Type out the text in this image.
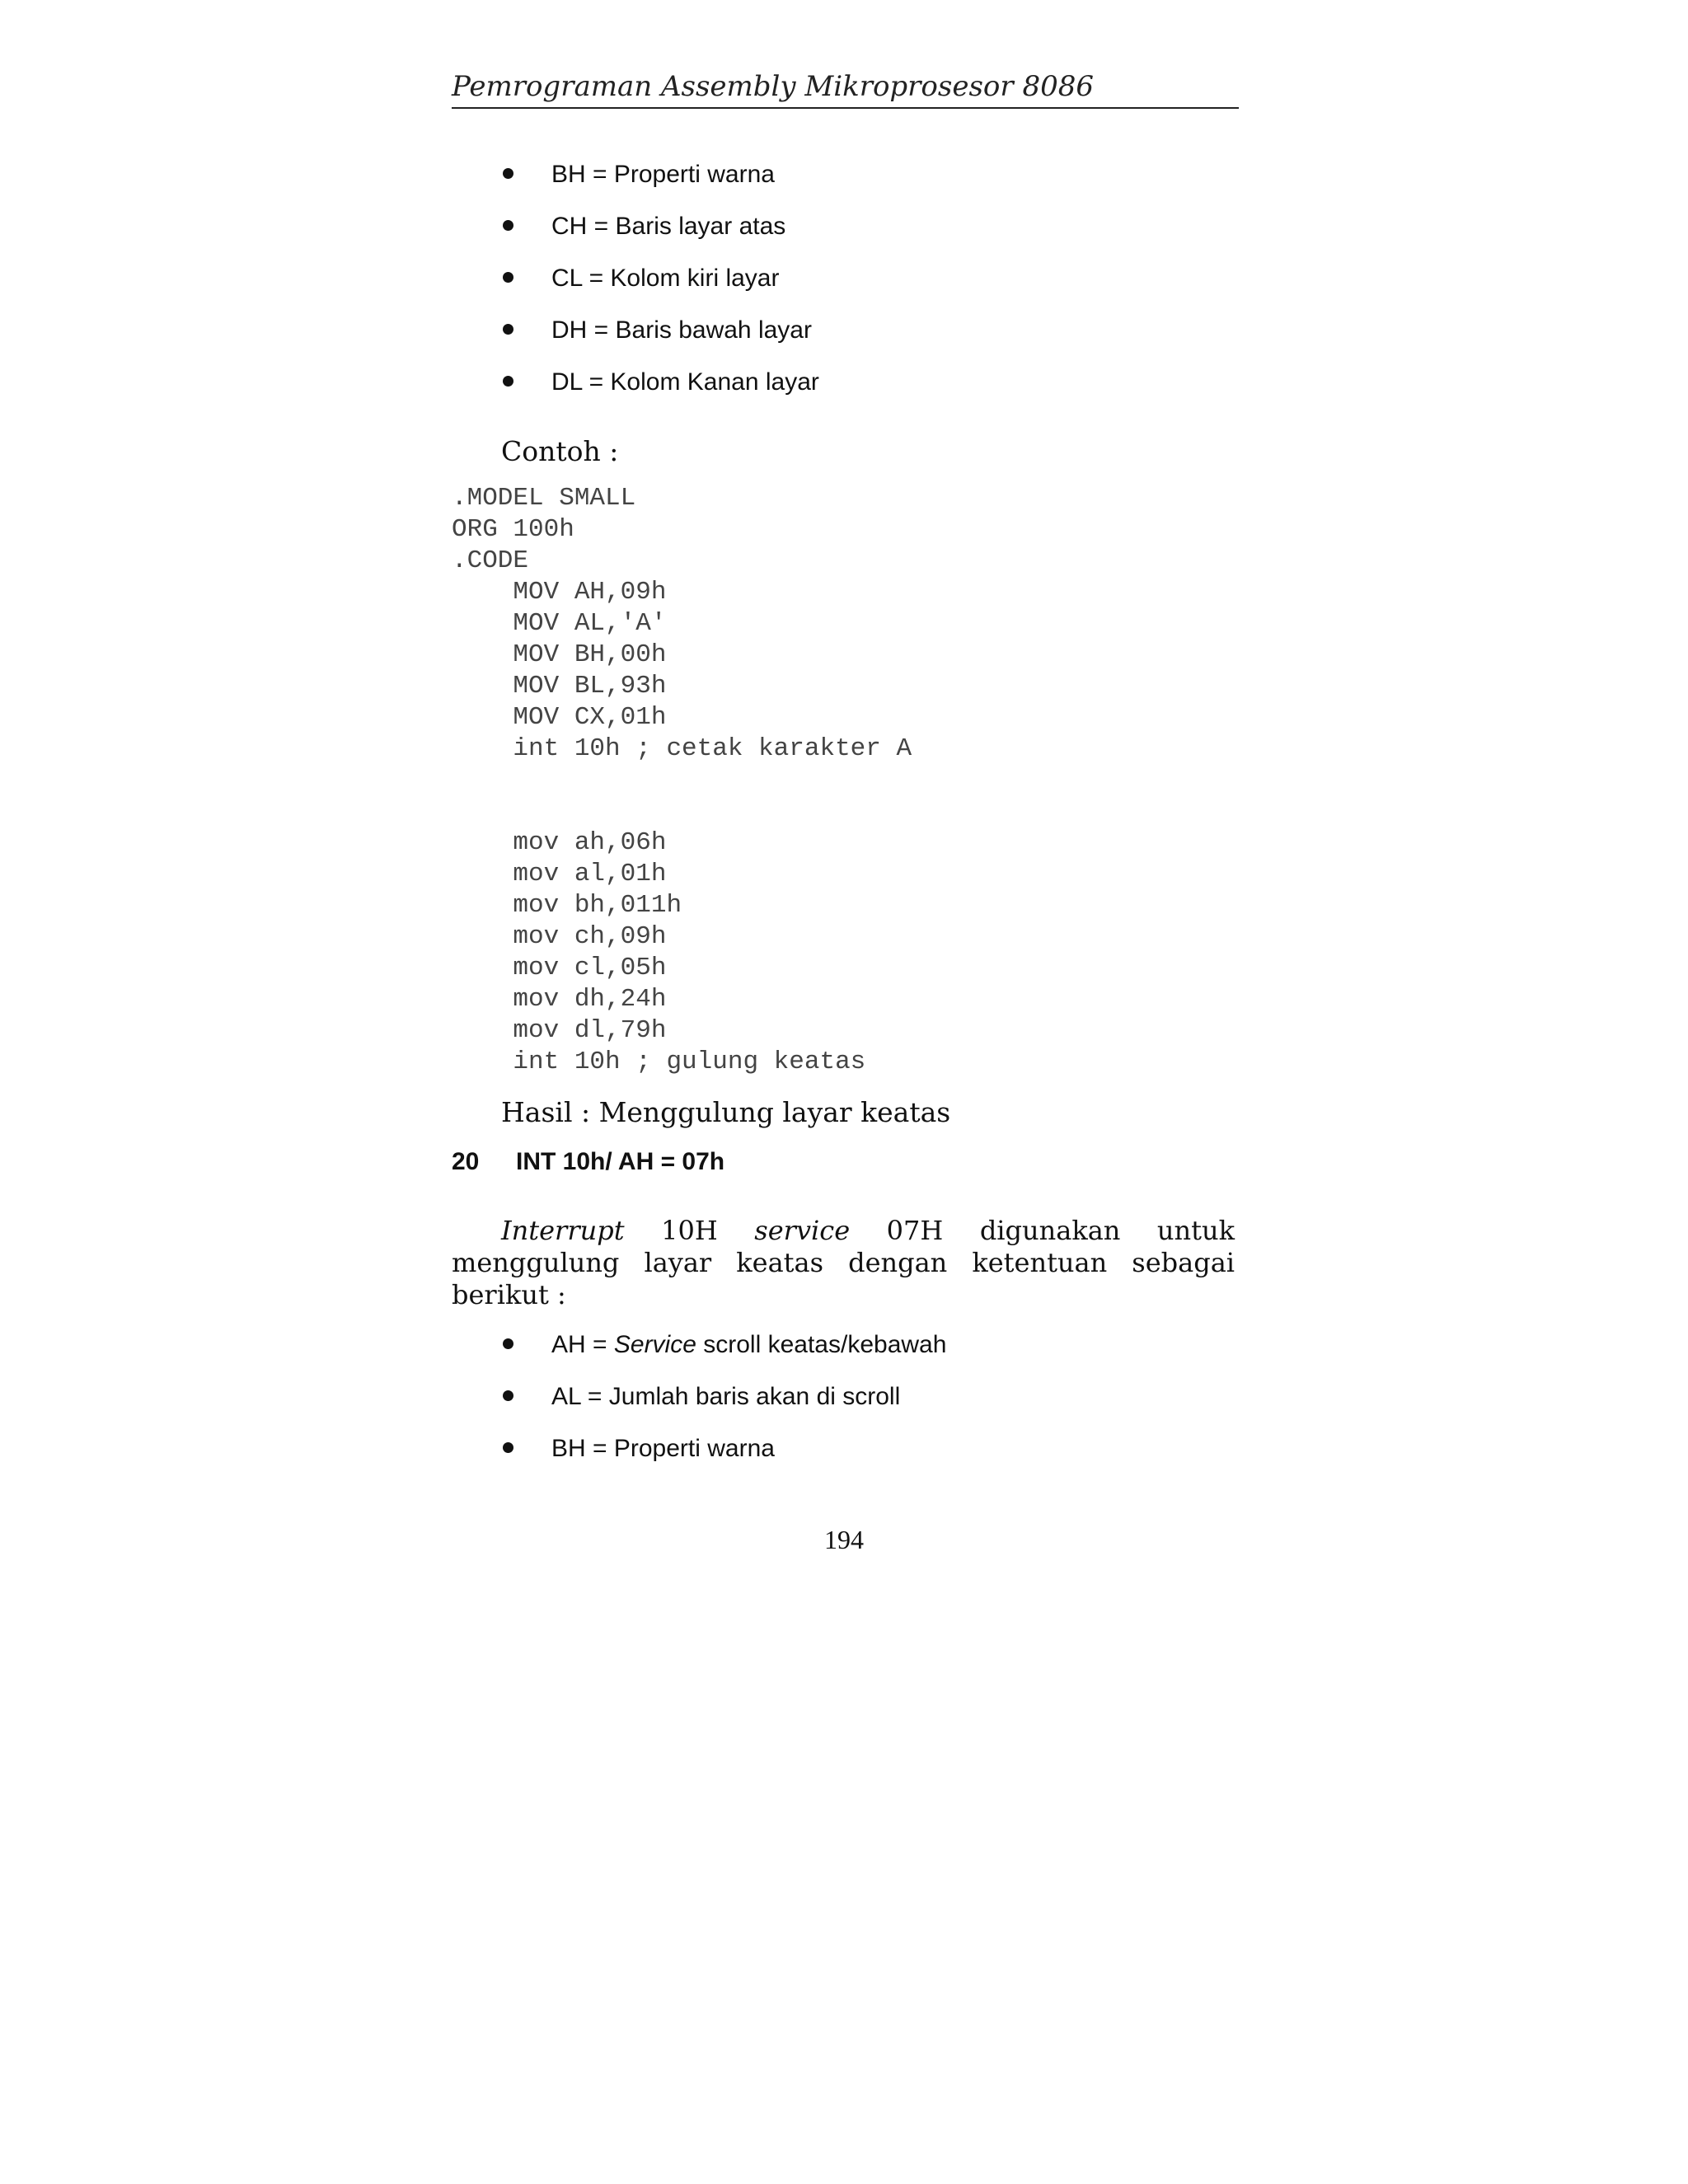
Pemrograman Assembly Mikroprosesor 8086
BH = Properti warna
CH = Baris layar atas
CL = Kolom kiri layar
DH = Baris bawah layar
DL = Kolom Kanan layar
Contoh :
.MODEL SMALL
ORG 100h
.CODE
MOV AH,09h
MOV AL,'A'
MOV BH,00h
MOV BL,93h
MOV CX,01h
int 10h ; cetak karakter A

mov ah,06h
mov al,01h
mov bh,011h
mov ch,09h
mov cl,05h
mov dh,24h
mov dl,79h
int 10h ; gulung keatas
Hasil : Menggulung layar keatas
20 INT 10h/ AH = 07h
Interrupt 10H service 07H digunakan untuk
menggulung layar keatas dengan ketentuan sebagai berikut :
AH = Service scroll keatas/kebawah
AL = Jumlah baris akan di scroll
BH = Properti warna
194
